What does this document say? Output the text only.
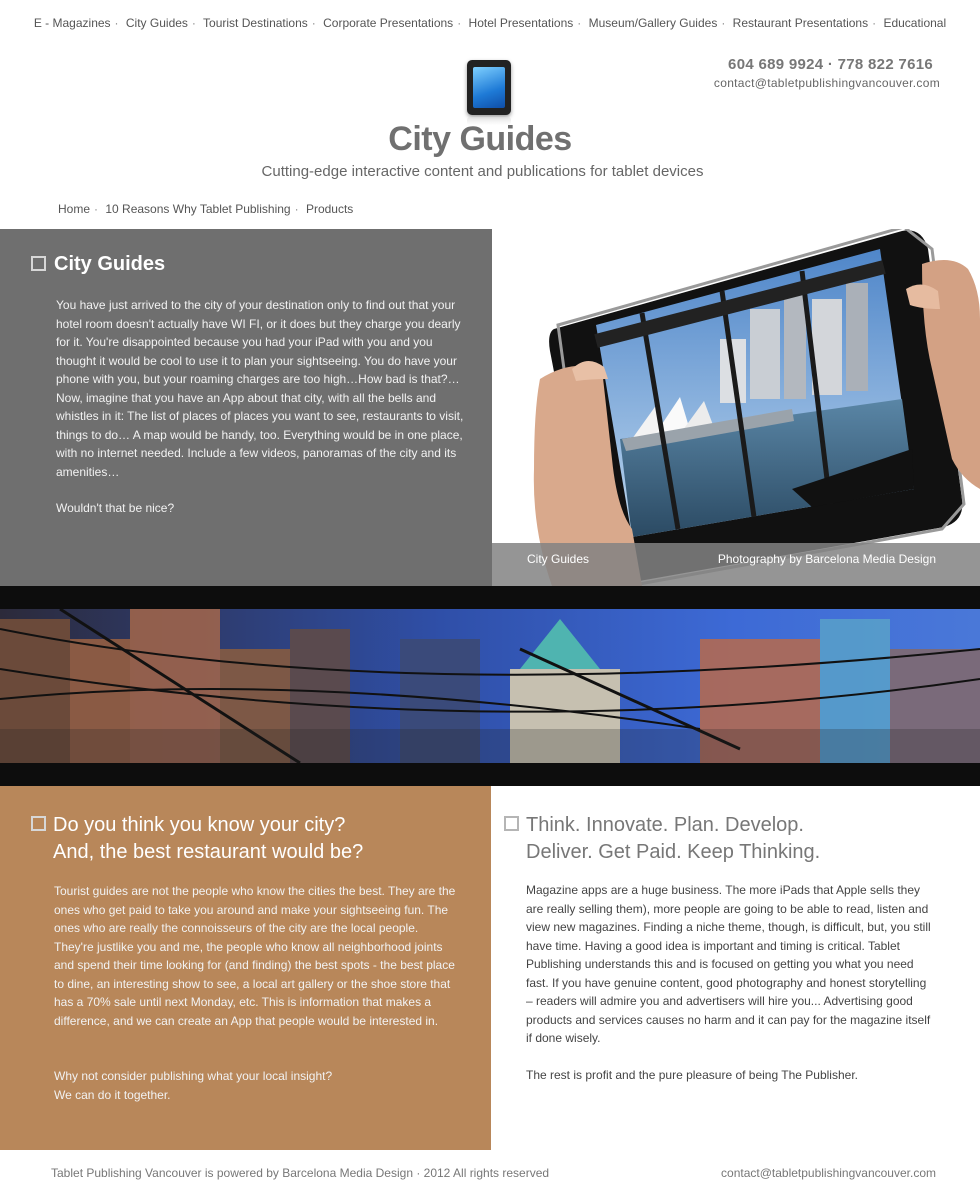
E - Magazines · City Guides · Tourist Destinations · Corporate Presentations · Hotel Presentations · Museum/Gallery Guides · Restaurant Presentations · Educational
604 689 9924 · 778 822 7616
contact@tabletpublishingvancouver.com
City Guides
Cutting-edge interactive content and publications for tablet devices
Home · 10 Reasons Why Tablet Publishing · Products
City Guides

You have just arrived to the city of your destination only to find out that your hotel room doesn't actually have WI FI, or it does but they charge you dearly for it. You're disappointed because you had your iPad with you and you thought it would be cool to use it to plan your sightseeing. You do have your phone with you, but your roaming charges are too high…How bad is that?… Now, imagine that you have an App about that city, with all the bells and whistles in it: The list of places of places you want to see, restaurants to visit, things to do… A map would be handy, too. Everything would be in one place, with no internet needed. Include a few videos, panoramas of the city and its amenities…

Wouldn't that be nice?

City Guides	Photography by Barcelona Media Design
Do you think you know your city?
And, the best restaurant would be?

Tourist guides are not the people who know the cities the best. They are the ones who get paid to take you around and make your sightseeing fun. The ones who are really the connoisseurs of the city are the local people. They're justlike you and me, the people who know all neighborhood joints and spend their time looking for (and finding) the best spots - the best place to dine, an interesting show to see, a local art gallery or the shoe store that has a 70% sale until next Monday, etc. This is information that makes a difference, and we can create an App that people would be interested in.

Why not consider publishing what your local insight?
We can do it together.

Think. Innovate. Plan. Develop.
Deliver. Get Paid. Keep Thinking.

Magazine apps are a huge business. The more iPads that Apple sells they are really selling them), more people are going to be able to read, listen and view new magazines. Finding a niche theme, though, is difficult, but, you still have time. Having a good idea is important and timing is critical. Tablet Publishing understands this and is focused on getting you what you need fast. If you have genuine content, good photography and honest storytelling – readers will admire you and advertisers will hire you... Advertising good products and services causes no harm and it can pay for the magazine itself if done wisely.

The rest is profit and the pure pleasure of being The Publisher.

Tablet Publishing Vancouver is powered by Barcelona Media Design · 2012 All rights reserved	contact@tabletpublishingvancouver.com
